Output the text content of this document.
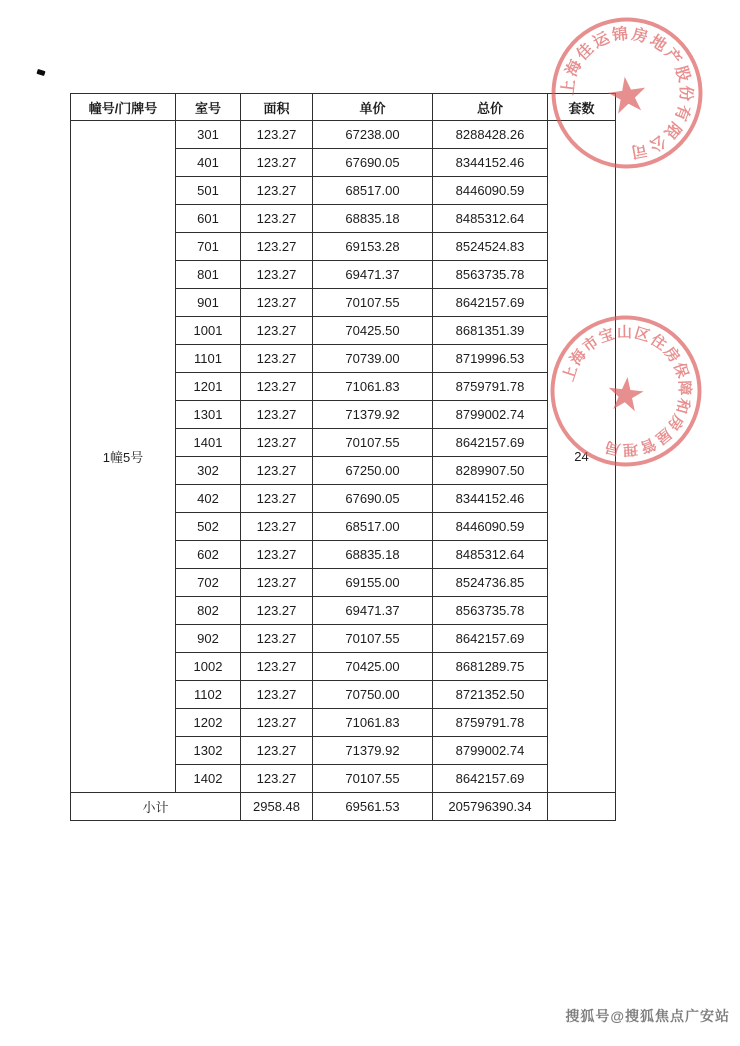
幢号/门牌号	室号	面积	单价	总价	套数
1幢5号	301	123.27	67238.00	8288428.26	24
	401	123.27	67690.05	8344152.46	
	501	123.27	68517.00	8446090.59	
	601	123.27	68835.18	8485312.64	
	701	123.27	69153.28	8524524.83	
	801	123.27	69471.37	8563735.78	
	901	123.27	70107.55	8642157.69	
	1001	123.27	70425.50	8681351.39	
	1101	123.27	70739.00	8719996.53	
	1201	123.27	71061.83	8759791.78	
	1301	123.27	71379.92	8799002.74	
	1401	123.27	70107.55	8642157.69	
	302	123.27	67250.00	8289907.50	
	402	123.27	67690.05	8344152.46	
	502	123.27	68517.00	8446090.59	
	602	123.27	68835.18	8485312.64	
	702	123.27	69155.00	8524736.85	
	802	123.27	69471.37	8563735.78	
	902	123.27	70107.55	8642157.69	
	1002	123.27	70425.00	8681289.75	
	1102	123.27	70750.00	8721352.50	
	1202	123.27	71061.83	8759791.78	
	1302	123.27	71379.92	8799002.74	
	1402	123.27	70107.55	8642157.69	
小计		2958.48	69561.53	205796390.34	
上海佳运锦房地产股份有限公司
★
上海市宝山区住房保障和房屋管理局
★
搜狐号@搜狐焦点广安站
